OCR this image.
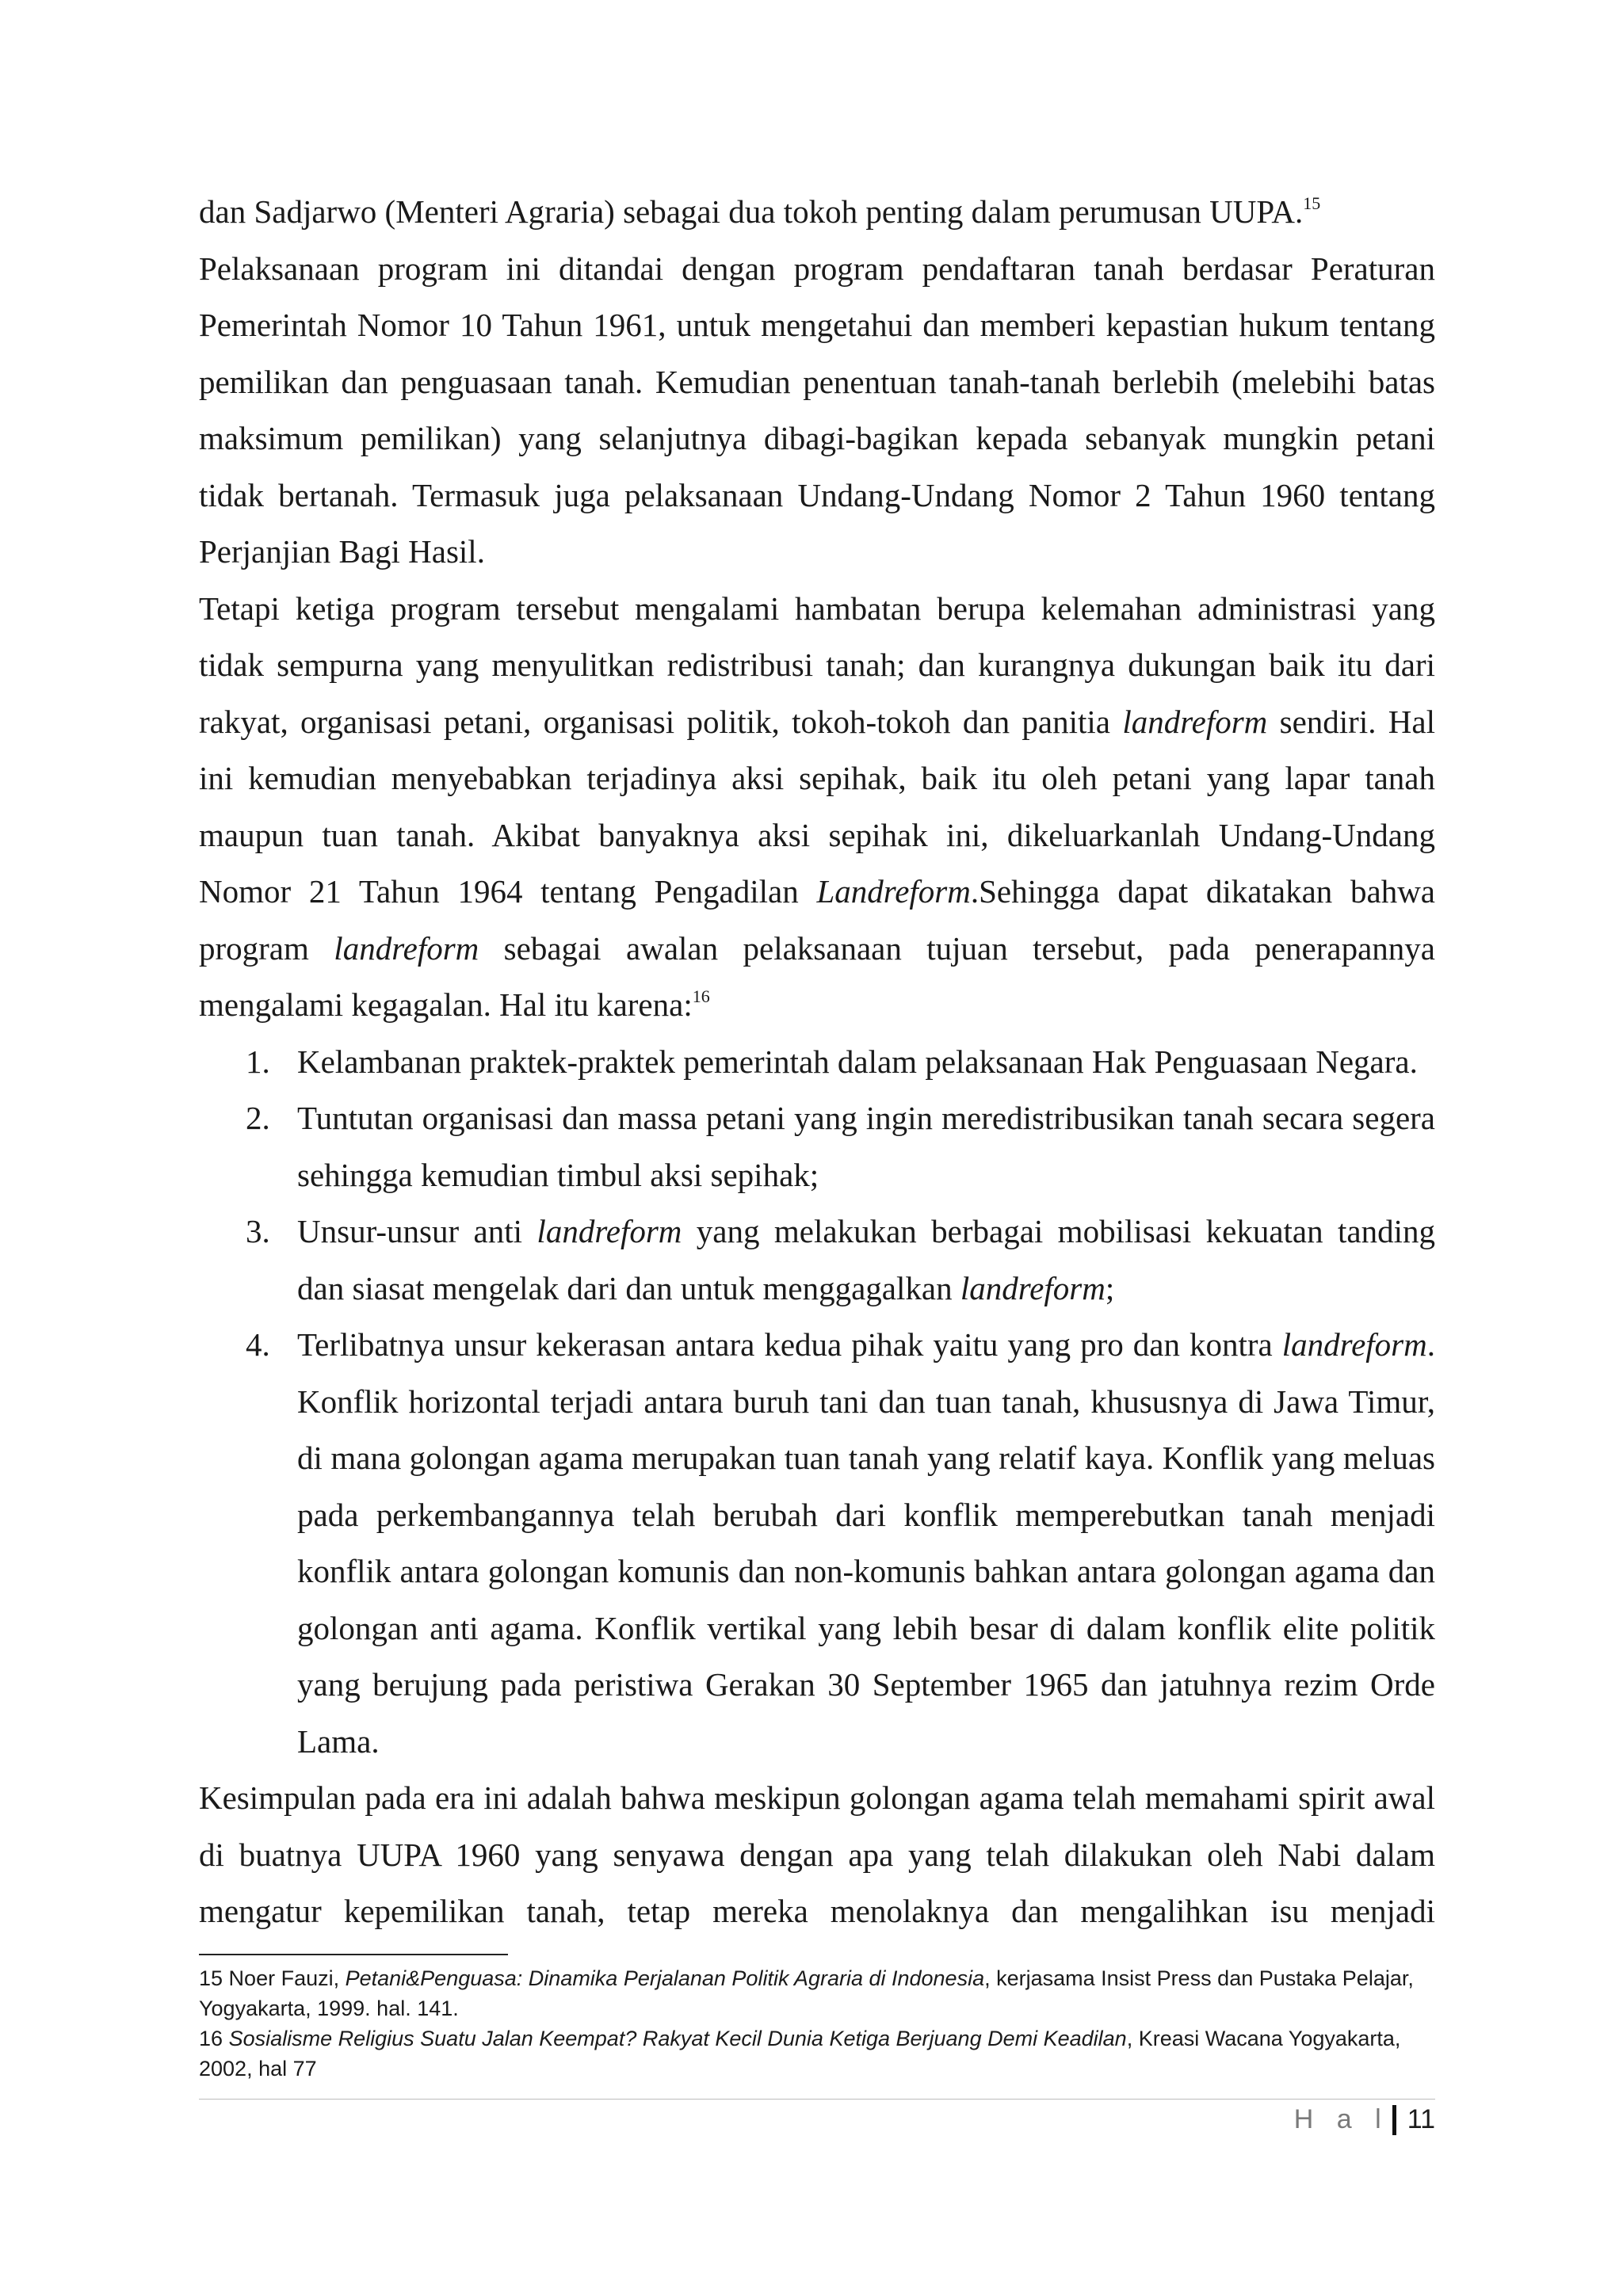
dan Sadjarwo (Menteri Agraria) sebagai dua tokoh penting dalam perumusan UUPA.$^{15}$

Pelaksanaan program ini ditandai dengan program pendaftaran tanah berdasar Peraturan Pemerintah Nomor 10 Tahun 1961, untuk mengetahui dan memberi kepastian hukum tentang pemilikan dan penguasaan tanah. Kemudian penentuan tanah-tanah berlebih (melebihi batas maksimum pemilikan) yang selanjutnya dibagi-bagikan kepada sebanyak mungkin petani tidak bertanah. Termasuk juga pelaksanaan Undang-Undang Nomor 2 Tahun 1960 tentang Perjanjian Bagi Hasil.

Tetapi ketiga program tersebut mengalami hambatan berupa kelemahan administrasi yang tidak sempurna yang menyulitkan redistribusi tanah; dan kurangnya dukungan baik itu dari rakyat, organisasi petani, organisasi politik, tokoh-tokoh dan panitia landreform sendiri. Hal ini kemudian menyebabkan terjadinya aksi sepihak, baik itu oleh petani yang lapar tanah maupun tuan tanah. Akibat banyaknya aksi sepihak ini, dikeluarkanlah Undang-Undang Nomor 21 Tahun 1964 tentang Pengadilan Landreform.Sehingga dapat dikatakan bahwa program landreform sebagai awalan pelaksanaan tujuan tersebut, pada penerapannya mengalami kegagalan. Hal itu karena:$^{16}$

1. Kelambanan praktek-praktek pemerintah dalam pelaksanaan Hak Penguasaan Negara.
2. Tuntutan organisasi dan massa petani yang ingin meredistribusikan tanah secara segera sehingga kemudian timbul aksi sepihak;
3. Unsur-unsur anti landreform yang melakukan berbagai mobilisasi kekuatan tanding dan siasat mengelak dari dan untuk menggagalkan landreform;
4. Terlibatnya unsur kekerasan antara kedua pihak yaitu yang pro dan kontra landreform. Konflik horizontal terjadi antara buruh tani dan tuan tanah, khususnya di Jawa Timur, di mana golongan agama merupakan tuan tanah yang relatif kaya. Konflik yang meluas pada perkembangannya telah berubah dari konflik memperebutkan tanah menjadi konflik antara golongan komunis dan non-komunis bahkan antara golongan agama dan golongan anti agama. Konflik vertikal yang lebih besar di dalam konflik elite politik yang berujung pada peristiwa Gerakan 30 September 1965 dan jatuhnya rezim Orde Lama.

Kesimpulan pada era ini adalah bahwa meskipun golongan agama telah memahami spirit awal di buatnya UUPA 1960 yang senyawa dengan apa yang telah dilakukan oleh Nabi dalam mengatur kepemilikan tanah, tetap mereka menolaknya dan mengalihkan isu menjadi

15 Noer Fauzi, Petani&Penguasa: Dinamika Perjalanan Politik Agraria di Indonesia, kerjasama Insist Press dan Pustaka Pelajar, Yogyakarta, 1999. hal. 141.

16 Sosialisme Religius Suatu Jalan Keempat? Rakyat Kecil Dunia Ketiga Berjuang Demi Keadilan, Kreasi Wacana Yogyakarta, 2002, hal 77

H a l 11
